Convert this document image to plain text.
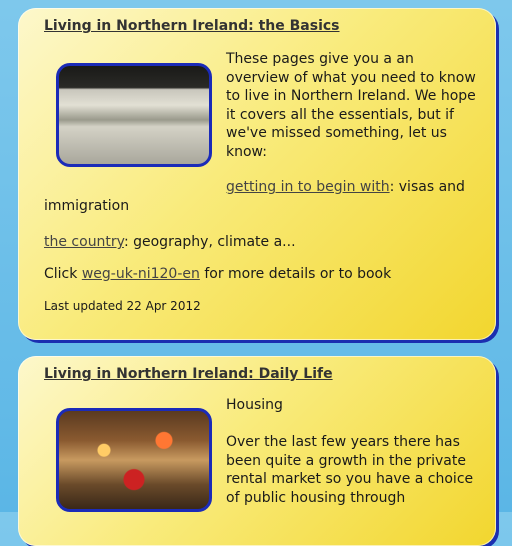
Living in Northern Ireland: the Basics
These pages give you a an overview of what you need to know to live in Northern Ireland. We hope it covers all the essentials, but if we've missed something, let us know:
getting in to begin with: visas and immigration
the country: geography, climate a...
Click weg-uk-ni120-en for more details or to book
Last updated 22 Apr 2012
Living in Northern Ireland: Daily Life
Housing
Over the last few years there has been quite a growth in the private rental market so you have a choice of public housing through
